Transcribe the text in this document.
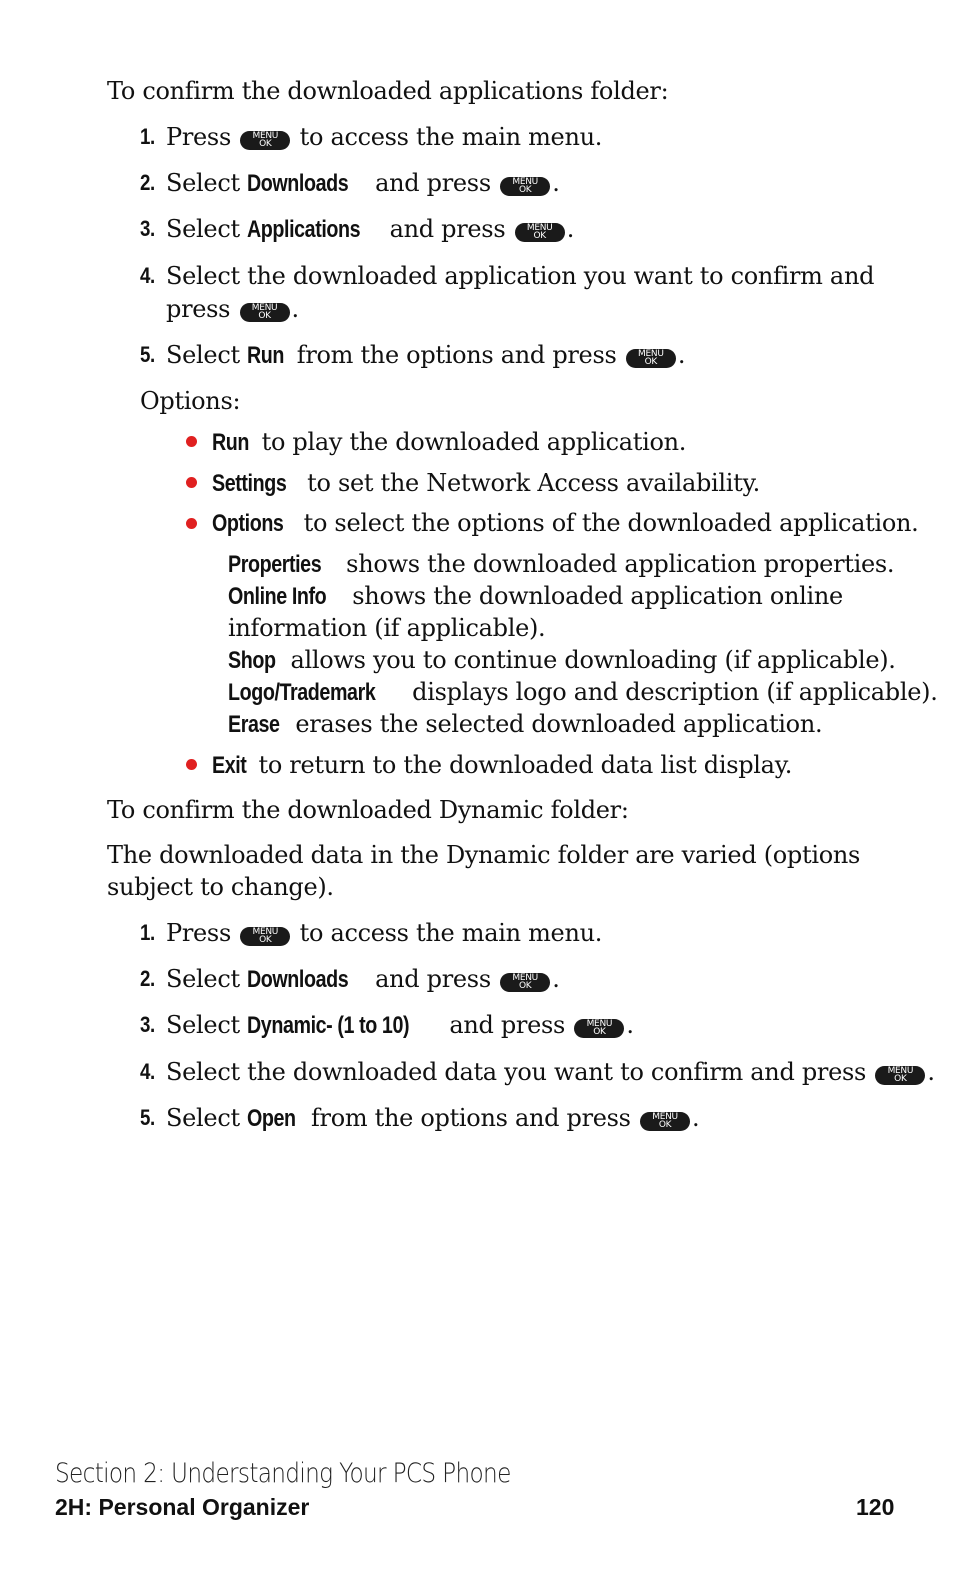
To confirm the downloaded applications folder:
1. Press	MENU
OK to access the main menu.
2. Select Downloads and press	MENU
OK .
3. Select Applications and press	MENU
OK .
4. Select the downloaded application you want to confirm and
press	MENU
OK .
5. Select Run from the options and press	MENU
OK .
Options:
Run to play the downloaded application.
Settings to set the Network Access availability.
Options to select the options of the downloaded application.
Properties shows the downloaded application properties.
Online Info shows the downloaded application online
information (if applicable).
Shop allows you to continue downloading (if applicable).
Logo/Trademark displays logo and description (if applicable).
Erase erases the selected downloaded application.
Exit to return to the downloaded data list display.
To confirm the downloaded Dynamic folder:
The downloaded data in the Dynamic folder are varied (options
subject to change).
1. Press	MENU
OK to access the main menu.
2. Select Downloads and press	MENU
OK .
3. Select Dynamic- (1 to 10) and press	MENU
OK .
4. Select the downloaded data you want to confirm and press	MENU
OK .
5. Select Open from the options and press	MENU
OK .
Section 2: Understanding Your PCS Phone
2H: Personal Organizer	120
